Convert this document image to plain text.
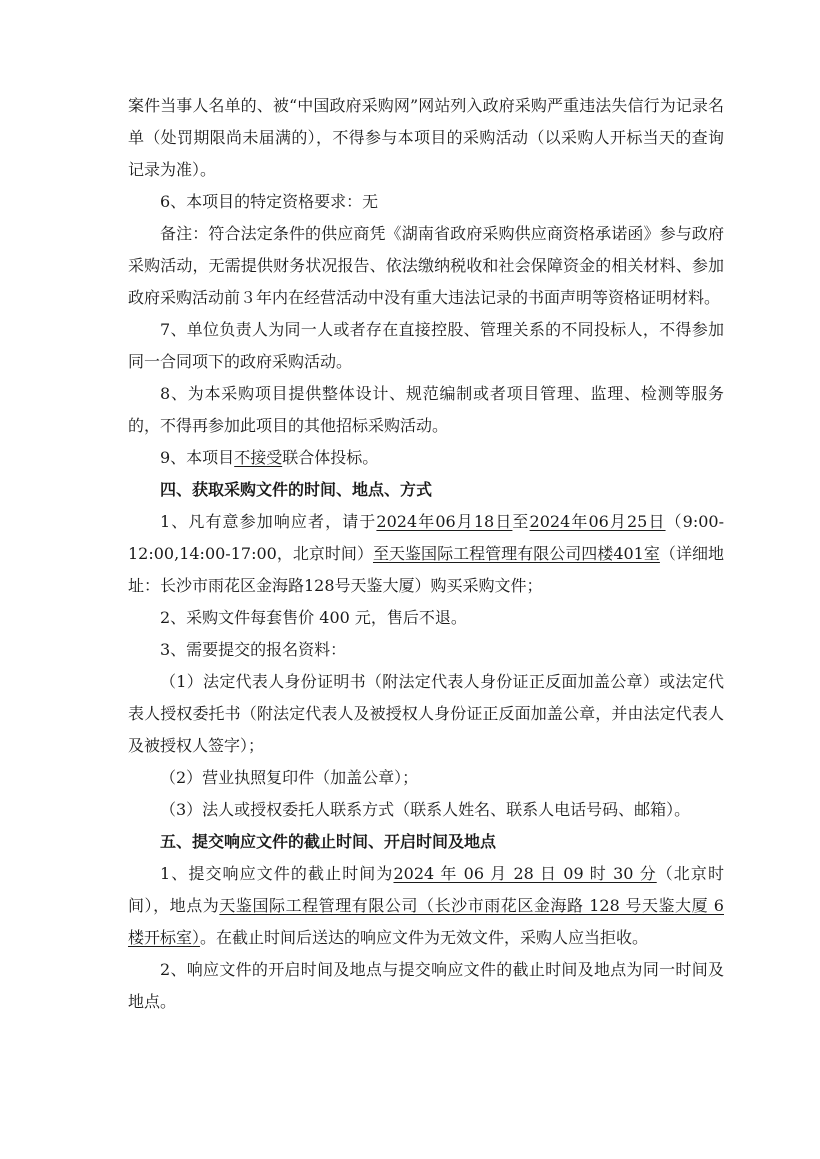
案件当事人名单的、被“中国政府采购网”网站列入政府采购严重违法失信行为记录名单（处罚期限尚未届满的），不得参与本项目的采购活动（以采购人开标当天的查询记录为准）。

6、本项目的特定资格要求：无

备注：符合法定条件的供应商凭《湖南省政府采购供应商资格承诺函》参与政府采购活动，无需提供财务状况报告、依法缴纳税收和社会保障资金的相关材料、参加政府采购活动前３年内在经营活动中没有重大违法记录的书面声明等资格证明材料。

7、单位负责人为同一人或者存在直接控股、管理关系的不同投标人，不得参加同一合同项下的政府采购活动。

8、为本采购项目提供整体设计、规范编制或者项目管理、监理、检测等服务的，不得再参加此项目的其他招标采购活动。

9、本项目不接受联合体投标。

四、获取采购文件的时间、地点、方式

1、凡有意参加响应者，请于2024年06月18日至2024年06月25日（9:00-12:00,14:00-17:00，北京时间）至天鉴国际工程管理有限公司四楼401室（详细地址：长沙市雨花区金海路128号天鉴大厦）购买采购文件；

2、采购文件每套售价 400 元，售后不退。

3、需要提交的报名资料：

（1）法定代表人身份证明书（附法定代表人身份证正反面加盖公章）或法定代表人授权委托书（附法定代表人及被授权人身份证正反面加盖公章，并由法定代表人及被授权人签字）；

（2）营业执照复印件（加盖公章）；

（3）法人或授权委托人联系方式（联系人姓名、联系人电话号码、邮箱）。

五、提交响应文件的截止时间、开启时间及地点

1、提交响应文件的截止时间为2024 年 06 月 28 日 09 时 30 分（北京时间），地点为天鉴国际工程管理有限公司（长沙市雨花区金海路 128 号天鉴大厦 6 楼开标室）。在截止时间后送达的响应文件为无效文件，采购人应当拒收。

2、响应文件的开启时间及地点与提交响应文件的截止时间及地点为同一时间及地点。
